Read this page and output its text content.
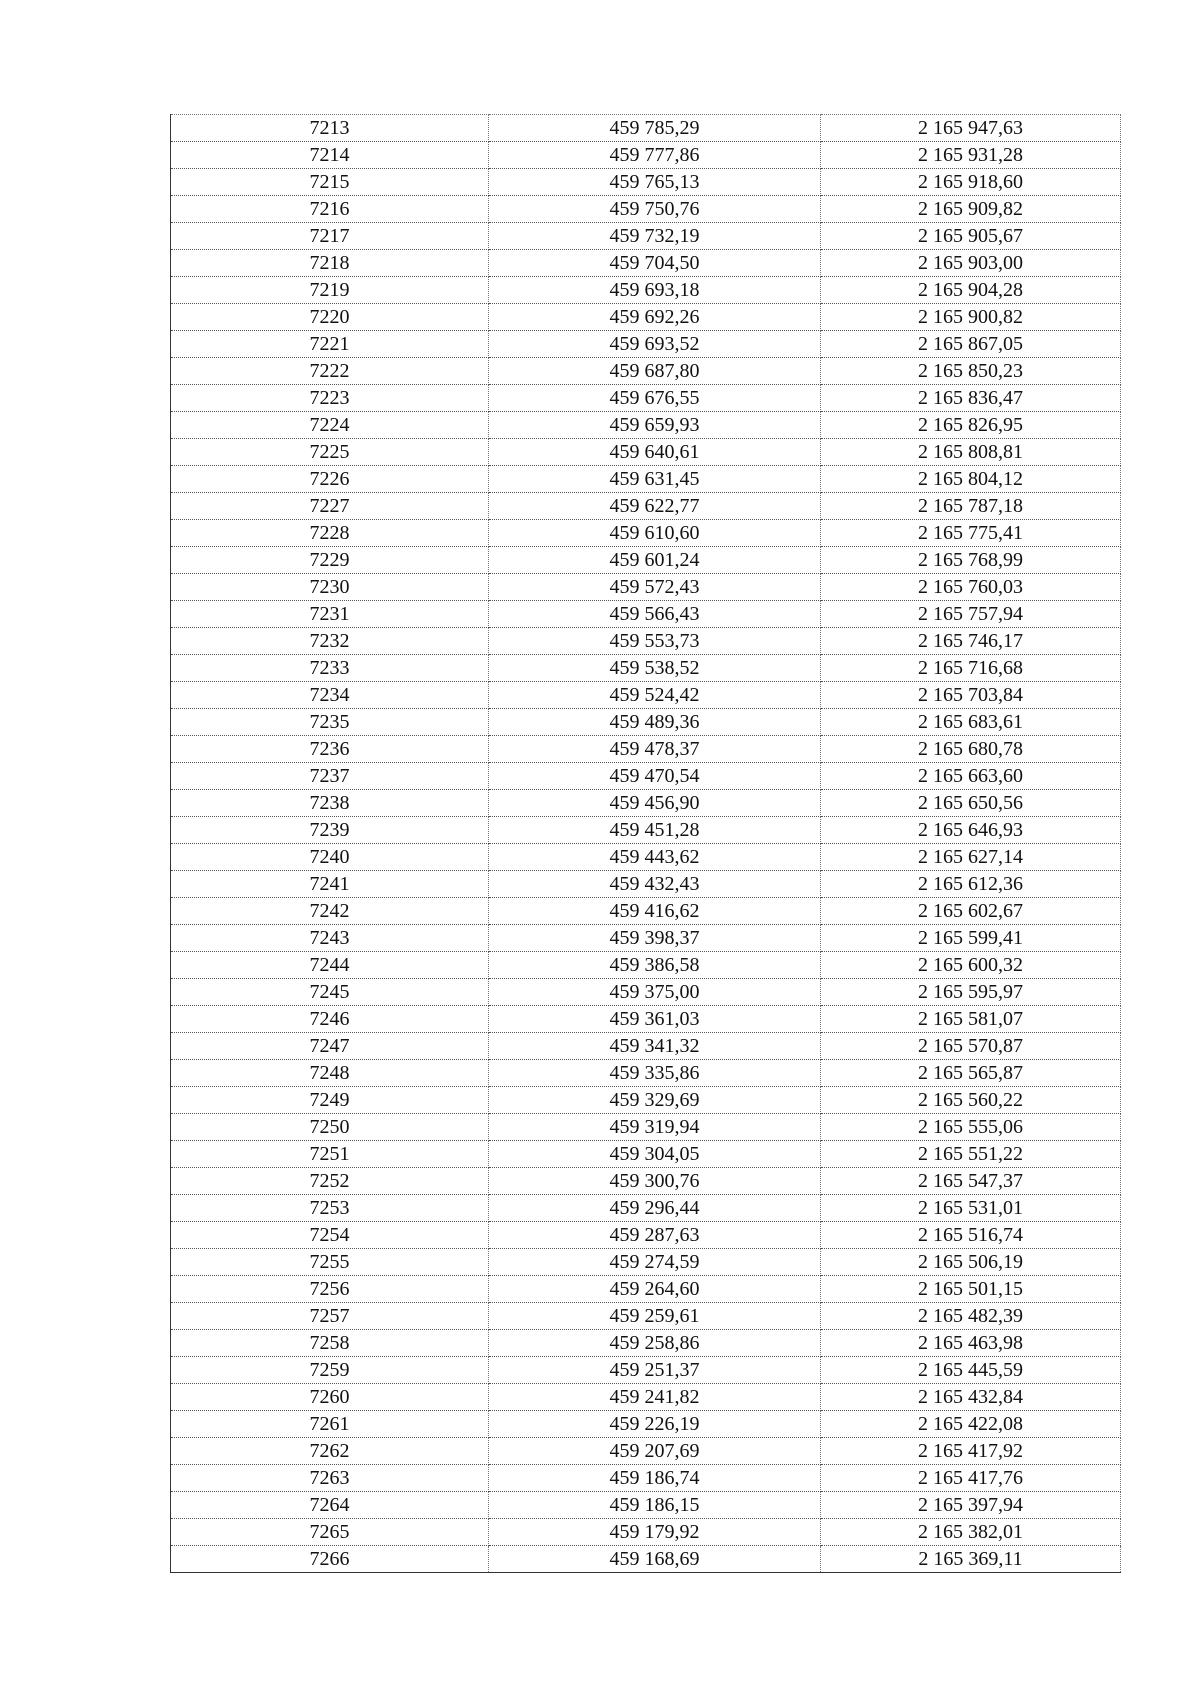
7213	459 785,29	2 165 947,63
7214	459 777,86	2 165 931,28
7215	459 765,13	2 165 918,60
7216	459 750,76	2 165 909,82
7217	459 732,19	2 165 905,67
7218	459 704,50	2 165 903,00
7219	459 693,18	2 165 904,28
7220	459 692,26	2 165 900,82
7221	459 693,52	2 165 867,05
7222	459 687,80	2 165 850,23
7223	459 676,55	2 165 836,47
7224	459 659,93	2 165 826,95
7225	459 640,61	2 165 808,81
7226	459 631,45	2 165 804,12
7227	459 622,77	2 165 787,18
7228	459 610,60	2 165 775,41
7229	459 601,24	2 165 768,99
7230	459 572,43	2 165 760,03
7231	459 566,43	2 165 757,94
7232	459 553,73	2 165 746,17
7233	459 538,52	2 165 716,68
7234	459 524,42	2 165 703,84
7235	459 489,36	2 165 683,61
7236	459 478,37	2 165 680,78
7237	459 470,54	2 165 663,60
7238	459 456,90	2 165 650,56
7239	459 451,28	2 165 646,93
7240	459 443,62	2 165 627,14
7241	459 432,43	2 165 612,36
7242	459 416,62	2 165 602,67
7243	459 398,37	2 165 599,41
7244	459 386,58	2 165 600,32
7245	459 375,00	2 165 595,97
7246	459 361,03	2 165 581,07
7247	459 341,32	2 165 570,87
7248	459 335,86	2 165 565,87
7249	459 329,69	2 165 560,22
7250	459 319,94	2 165 555,06
7251	459 304,05	2 165 551,22
7252	459 300,76	2 165 547,37
7253	459 296,44	2 165 531,01
7254	459 287,63	2 165 516,74
7255	459 274,59	2 165 506,19
7256	459 264,60	2 165 501,15
7257	459 259,61	2 165 482,39
7258	459 258,86	2 165 463,98
7259	459 251,37	2 165 445,59
7260	459 241,82	2 165 432,84
7261	459 226,19	2 165 422,08
7262	459 207,69	2 165 417,92
7263	459 186,74	2 165 417,76
7264	459 186,15	2 165 397,94
7265	459 179,92	2 165 382,01
7266	459 168,69	2 165 369,11
